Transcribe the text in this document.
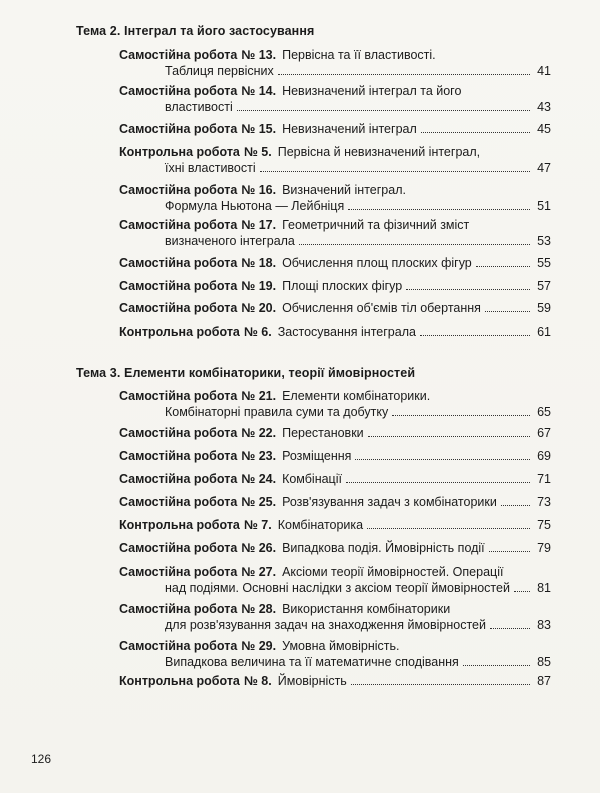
Тема 2. Інтеграл та його застосування
Самостійна робота № 13. Первісна та її властивості.
Таблиця первісних	41
Самостійна робота № 14. Невизначений інтеграл та його
властивості	43
Самостійна робота № 15. Невизначений інтеграл	45
Контрольна робота № 5. Первісна й невизначений інтеграл,
їхні властивості	47
Самостійна робота № 16. Визначений інтеграл.
Формула Ньютона — Лейбніця	51
Самостійна робота № 17. Геометричний та фізичний зміст
визначеного інтеграла	53
Самостійна робота № 18. Обчислення площ плоских фігур	55
Самостійна робота № 19. Площі плоских фігур	57
Самостійна робота № 20. Обчислення об'ємів тіл обертання	59
Контрольна робота № 6. Застосування інтеграла	61
Тема 3. Елементи комбінаторики, теорії ймовірностей
Самостійна робота № 21. Елементи комбінаторики.
Комбінаторні правила суми та добутку	65
Самостійна робота № 22. Перестановки	67
Самостійна робота № 23. Розміщення	69
Самостійна робота № 24. Комбінації	71
Самостійна робота № 25. Розв'язування задач з комбінаторики	73
Контрольна робота № 7. Комбінаторика	75
Самостійна робота № 26. Випадкова подія. Ймовірність події	79
Самостійна робота № 27. Аксіоми теорії ймовірностей. Операції
над подіями. Основні наслідки з аксіом теорії ймовірностей	81
Самостійна робота № 28. Використання комбінаторики
для розв'язування задач на знаходження ймовірностей	83
Самостійна робота № 29. Умовна ймовірність.
Випадкова величина та її математичне сподівання	85
Контрольна робота № 8. Ймовірність	87
126
